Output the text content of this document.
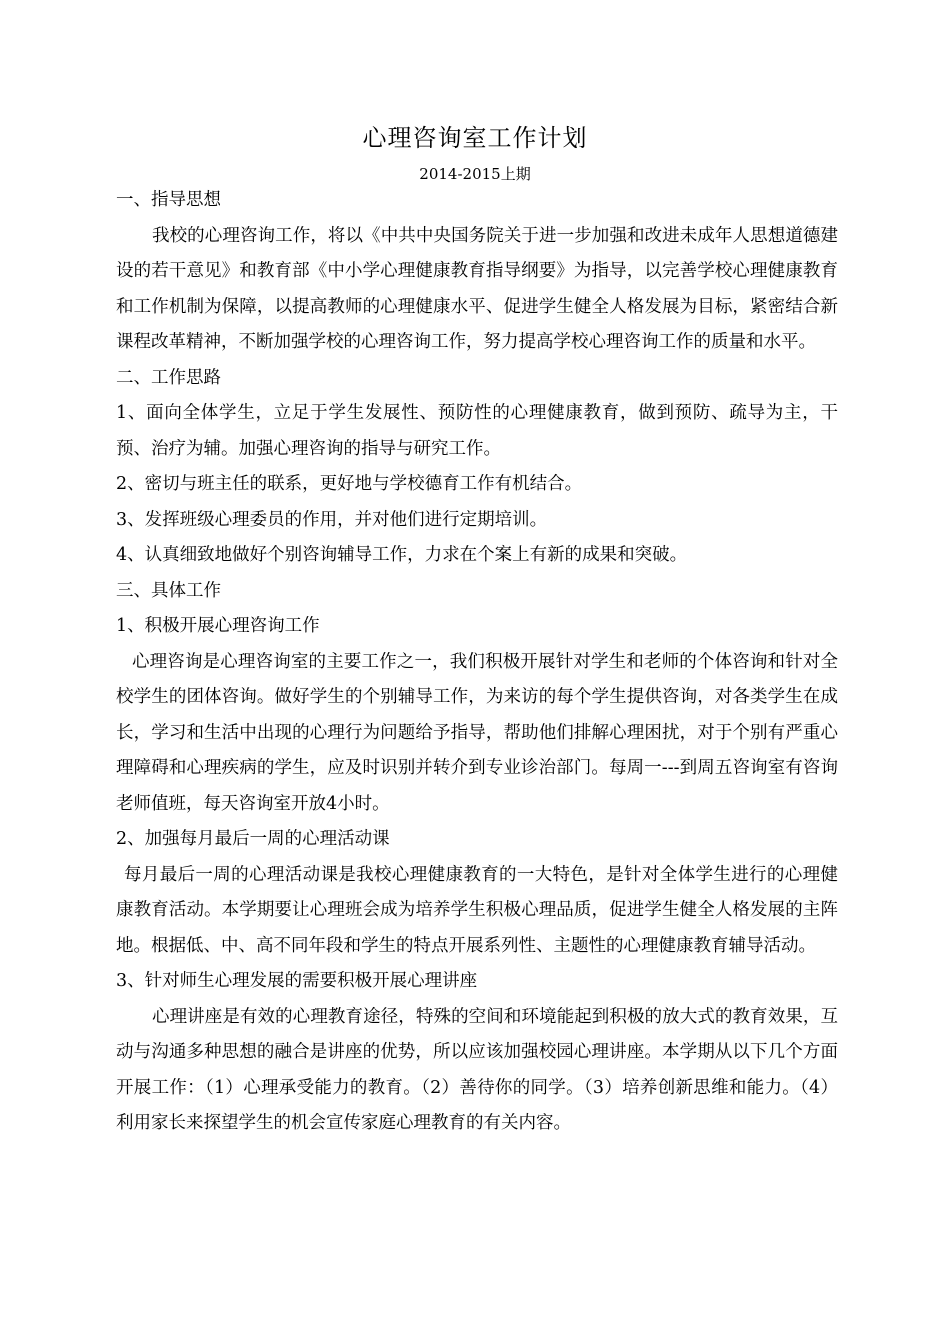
心理咨询室工作计划
2014-2015上期

一、指导思想

我校的心理咨询工作，将以《中共中央国务院关于进一步加强和改进未成年人思想道德建设的若干意见》和教育部《中小学心理健康教育指导纲要》为指导，以完善学校心理健康教育和工作机制为保障，以提高教师的心理健康水平、促进学生健全人格发展为目标，紧密结合新课程改革精神，不断加强学校的心理咨询工作，努力提高学校心理咨询工作的质量和水平。

二、工作思路

1、面向全体学生，立足于学生发展性、预防性的心理健康教育，做到预防、疏导为主，干预、治疗为辅。加强心理咨询的指导与研究工作。

2、密切与班主任的联系，更好地与学校德育工作有机结合。

3、发挥班级心理委员的作用，并对他们进行定期培训。

4、认真细致地做好个别咨询辅导工作，力求在个案上有新的成果和突破。

三、具体工作

1、积极开展心理咨询工作

心理咨询是心理咨询室的主要工作之一，我们积极开展针对学生和老师的个体咨询和针对全校学生的团体咨询。做好学生的个别辅导工作，为来访的每个学生提供咨询，对各类学生在成长，学习和生活中出现的心理行为问题给予指导，帮助他们排解心理困扰，对于个别有严重心理障碍和心理疾病的学生，应及时识别并转介到专业诊治部门。每周一---到周五咨询室有咨询老师值班，每天咨询室开放4小时。

2、加强每月最后一周的心理活动课

每月最后一周的心理活动课是我校心理健康教育的一大特色，是针对全体学生进行的心理健康教育活动。本学期要让心理班会成为培养学生积极心理品质，促进学生健全人格发展的主阵地。根据低、中、高不同年段和学生的特点开展系列性、主题性的心理健康教育辅导活动。

3、针对师生心理发展的需要积极开展心理讲座

心理讲座是有效的心理教育途径，特殊的空间和环境能起到积极的放大式的教育效果，互动与沟通多种思想的融合是讲座的优势，所以应该加强校园心理讲座。本学期从以下几个方面开展工作：（1）心理承受能力的教育。（2）善待你的同学。（3）培养创新思维和能力。（4）利用家长来探望学生的机会宣传家庭心理教育的有关内容。
